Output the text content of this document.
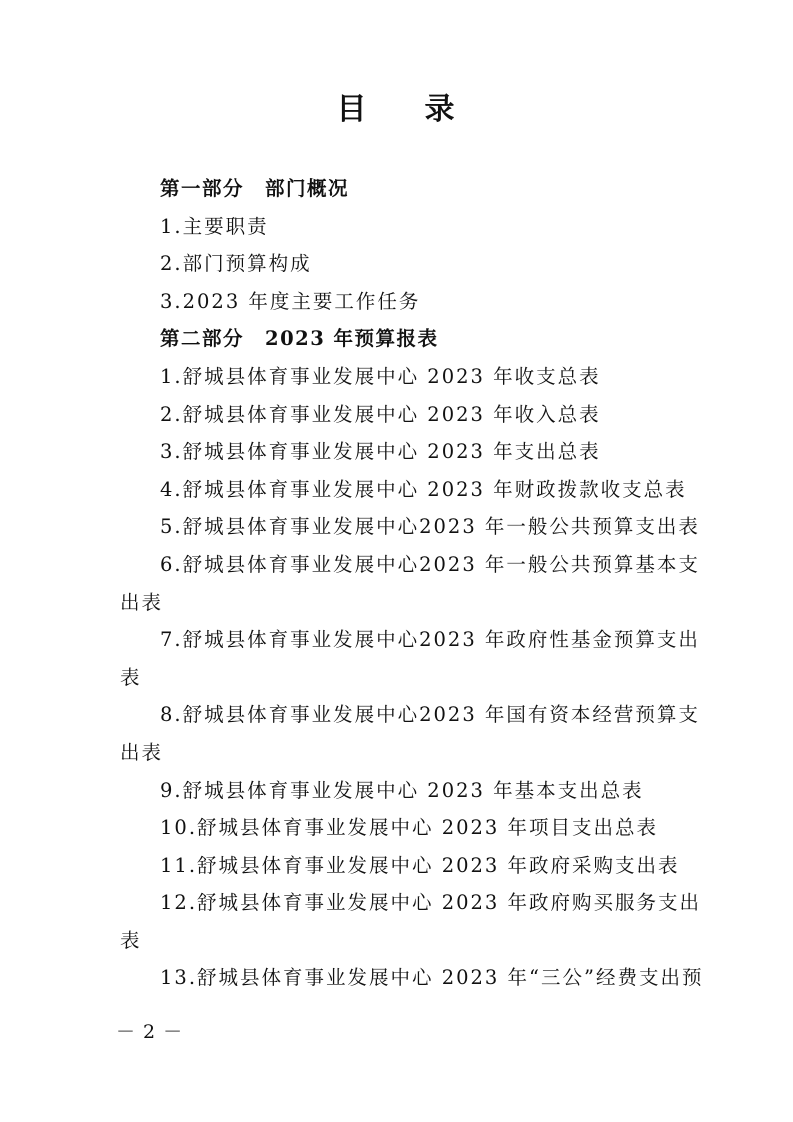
目 录
第一部分　部门概况
1.主要职责
2.部门预算构成
3.2023 年度主要工作任务
第二部分　2023 年预算报表
1.舒城县体育事业发展中心 2023 年收支总表
2.舒城县体育事业发展中心 2023 年收入总表
3.舒城县体育事业发展中心 2023 年支出总表
4.舒城县体育事业发展中心 2023 年财政拨款收支总表
5.舒城县体育事业发展中心2023 年一般公共预算支出表
6.舒城县体育事业发展中心2023 年一般公共预算基本支
出表
7.舒城县体育事业发展中心2023 年政府性基金预算支出
表
8.舒城县体育事业发展中心2023 年国有资本经营预算支
出表
9.舒城县体育事业发展中心 2023 年基本支出总表
10.舒城县体育事业发展中心 2023 年项目支出总表
11.舒城县体育事业发展中心 2023 年政府采购支出表
12.舒城县体育事业发展中心 2023 年政府购买服务支出
表
13.舒城县体育事业发展中心 2023 年“三公”经费支出预
－ 2 －
